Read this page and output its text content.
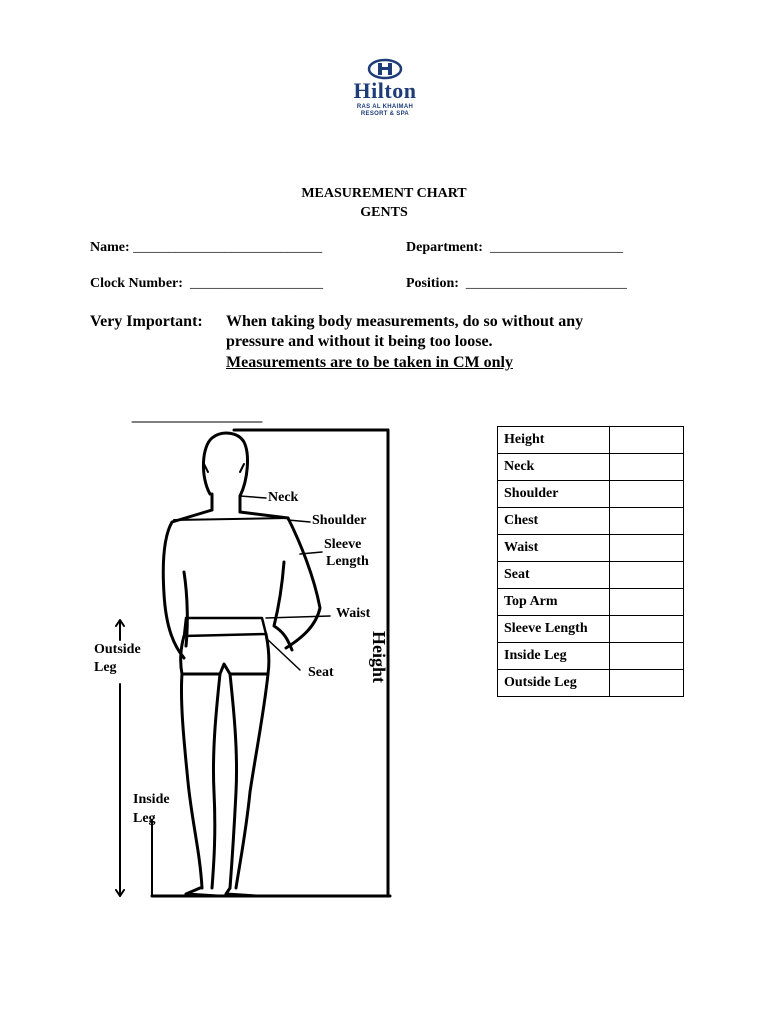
Hilton
RAS AL KHAIMAH
RESORT & SPA
MEASUREMENT CHART
GENTS
Name: ___________________________	Department: ___________________
Clock Number: ___________________	Position: _______________________
Very Important: When taking body measurements, do so without any
pressure and without it being too loose.
Measurements are to be taken in CM only
Neck
Shoulder
Sleeve
Length
Waist
Seat
Outside
Leg
Inside
Leg
Height
Height	
Neck	
Shoulder	
Chest	
Waist	
Seat	
Top Arm	
Sleeve Length	
Inside Leg	
Outside Leg	
